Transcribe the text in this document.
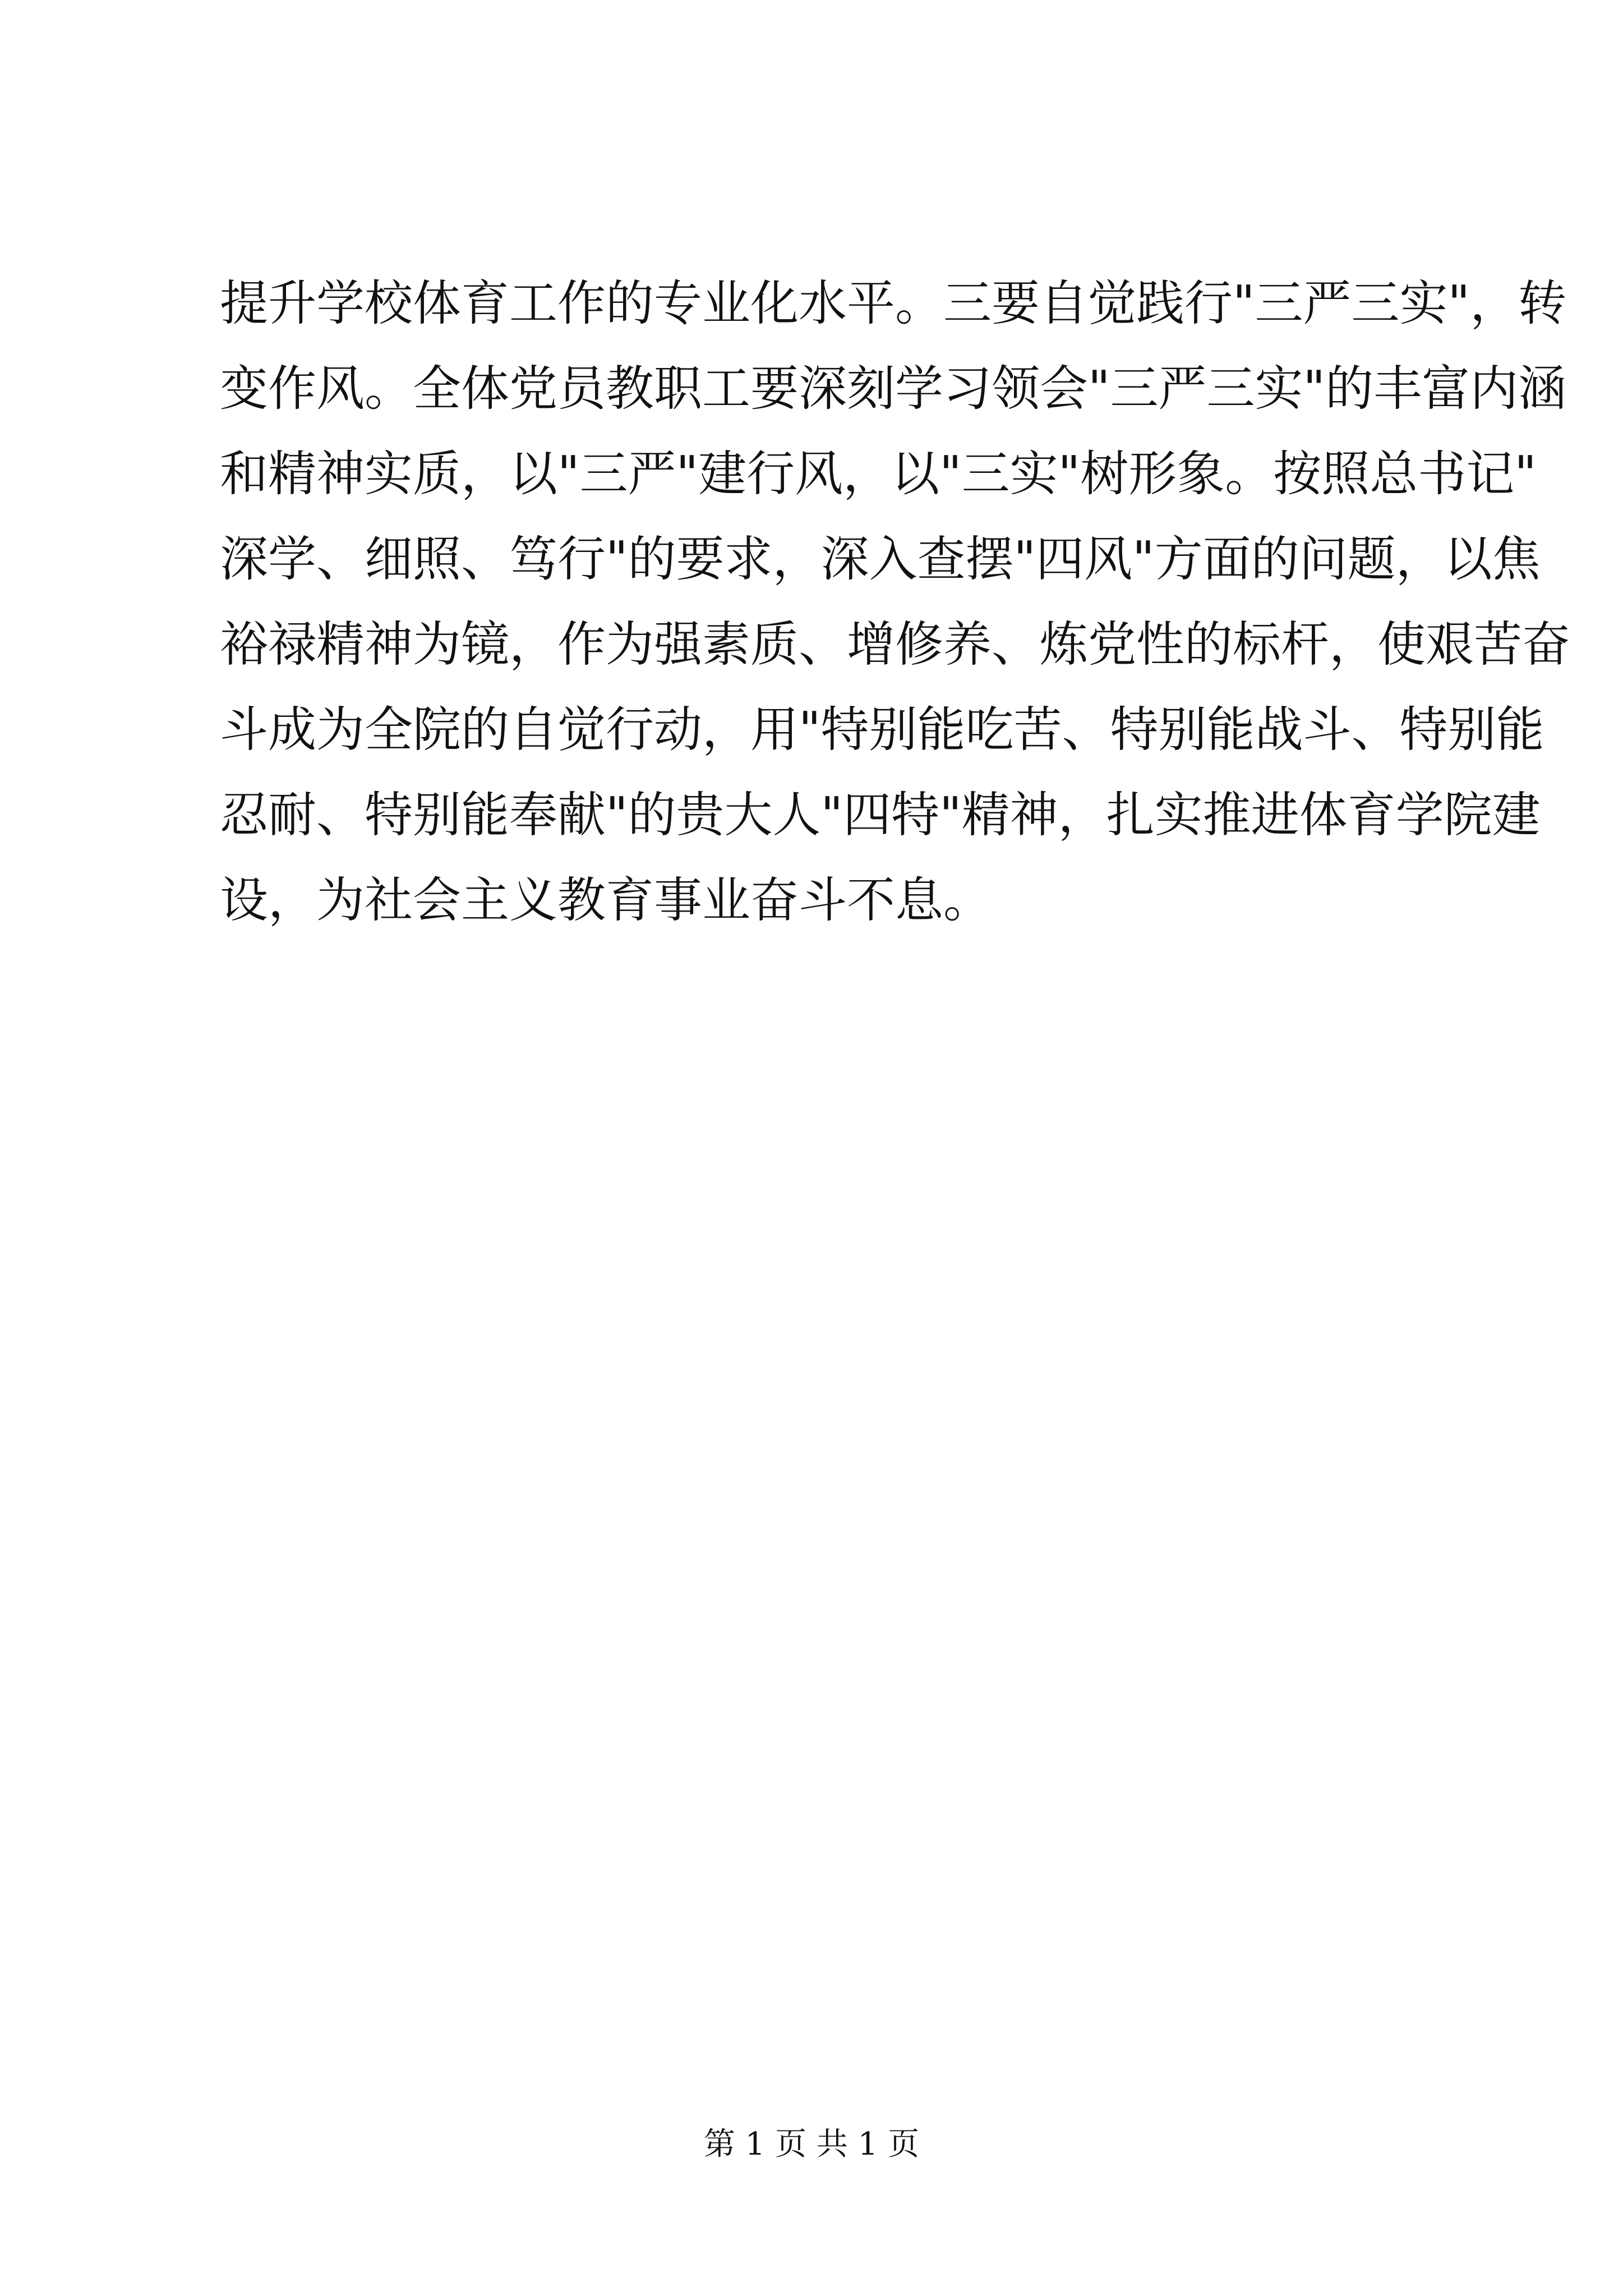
提升学校体育工作的专业化水平。三要自觉践行"三严三实"，转
变作风。全体党员教职工要深刻学习领会"三严三实"的丰富内涵
和精神实质，以"三严"建行风，以"三实"树形象。按照总书记"
深学、细照、笃行"的要求，深入查摆"四风"方面的问题，以焦
裕禄精神为镜，作为强素质、增修养、炼党性的标杆，使艰苦奋
斗成为全院的自觉行动，用"特别能吃苦、特别能战斗、特别能
忍耐、特别能奉献"的贵大人"四特"精神，扎实推进体育学院建
设，为社会主义教育事业奋斗不息。
第 1 页 共 1 页
